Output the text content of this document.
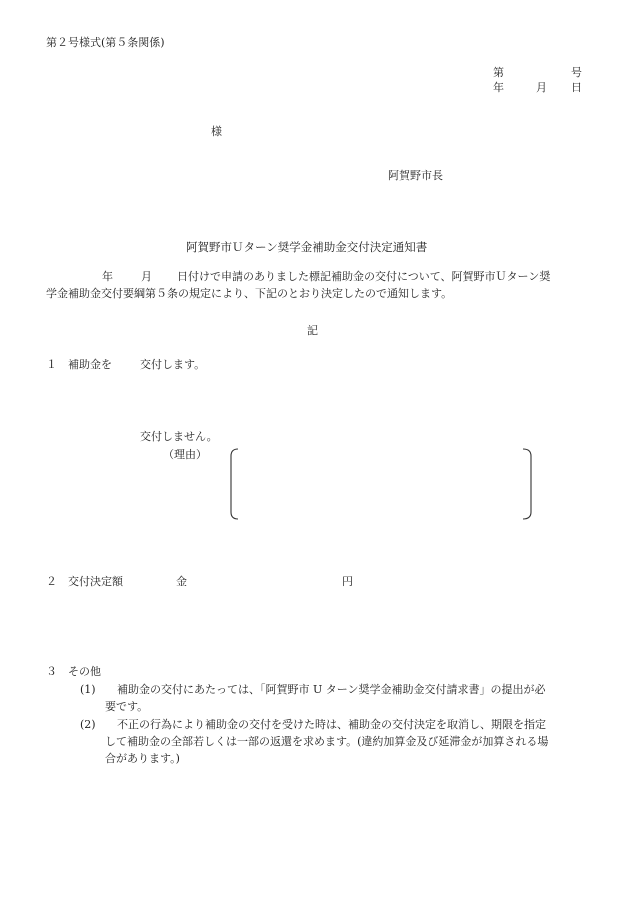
第２号様式(第５条関係)
第	号
年	月 日
様
阿賀野市長
阿賀野市Ｕターン奨学金補助金交付決定通知書
年	月 日付けで申請のありました標記補助金の交付について、阿賀野市Ｕターン奨
学金補助金交付要綱第５条の規定により、下記のとおり決定したので通知します。
記
１ 補助金を	交付します。
交付しません。
（理由）
２ 交付決定額	金	円
３ その他
(1) 補助金の交付にあたっては、「阿賀野市 U ターン奨学金補助金交付請求書」の提出が必
要です。
(2) 不正の行為により補助金の交付を受けた時は、補助金の交付決定を取消し、期限を指定
して補助金の全部若しくは一部の返還を求めます。(違約加算金及び延滞金が加算される場
合があります。)
